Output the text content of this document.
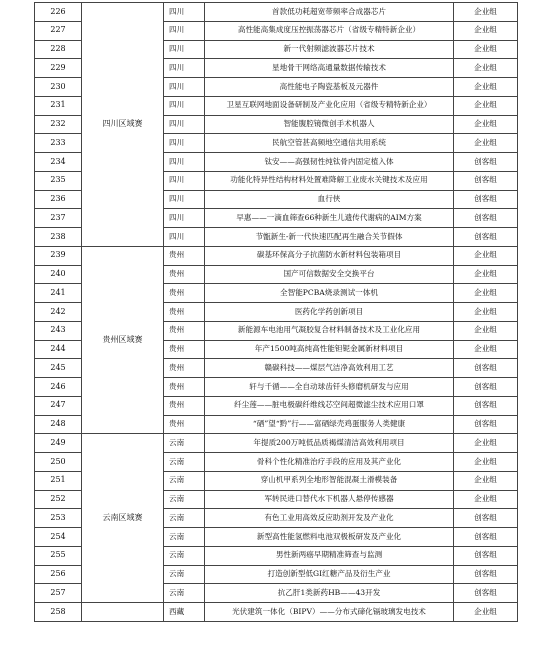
226	四川区域赛	四川	首款低功耗超宽带频率合成器芯片	企业组
227		四川	高性能高集成度压控振荡器芯片（省级专精特新企业）	企业组
228		四川	新一代射频滤波器芯片技术	企业组
229		四川	星地骨干网络高通量数据传输技术	企业组
230		四川	高性能电子陶瓷基板及元器件	企业组
231		四川	卫星互联网地面设备研制及产业化应用（省级专精特新企业）	企业组
232		四川	智能腹腔镜微创手术机器人	企业组
233		四川	民航空管甚高频地空通信共用系统	企业组
234		四川	钛安——高强韧性纯钛骨内固定植入体	创客组
235		四川	功能化特异性结构材料处置难降解工业废水关键技术及应用	创客组
236		四川	血行侠	创客组
237		四川	早惠——一滴血筛查66种新生儿遗传代谢病的AIM方案	创客组
238		四川	节甑新生-新一代快速匹配再生融合关节假体	创客组
239	贵州区域赛	贵州	碳基环保高分子抗菌防水新材料包装箱项目	企业组
240		贵州	国产可信数据安全交换平台	企业组
241		贵州	全智能PCBA烧录测试一体机	企业组
242		贵州	医药化学药创新项目	企业组
243		贵州	新能源车电池用气凝胶复合材料制备技术及工业化应用	企业组
244		贵州	年产1500吨高纯高性能钽铌金属新材料项目	企业组
245		贵州	赣碳科技——煤层气洁净高效利用工艺	创客组
246		贵州	轩与千循——全自动球齿钎头修磨机研发与应用	创客组
247		贵州	纤尘莲——脏电极碳纤维线芯空间超微滤尘技术应用口罩	创客组
248		贵州	“硒”望“黔”行——富硒绿壳鸡蛋服务人类健康	创客组
249	云南区域赛	云南	年提质200万吨低品质褐煤清洁高效利用项目	企业组
250		云南	骨科个性化精准治疗手段的应用及其产业化	企业组
251		云南	穿山机甲系列全地形智能混凝土滑模装备	企业组
252		云南	军转民进口替代水下机器人悬停传感器	企业组
253		云南	有色工业用高效反应助剂开发及产业化	创客组
254		云南	新型高性能氢燃料电池双极板研发及产业化	创客组
255		云南	男性新两癌早期精准筛查与监测	创客组
256		云南	打造创新型低GI红糖产品及衍生产业	创客组
257		云南	抗乙肝1类新药HB——43开发	创客组
258		西藏	光伏建筑一体化（BIPV）——分布式碲化镉玻璃发电技术	企业组
